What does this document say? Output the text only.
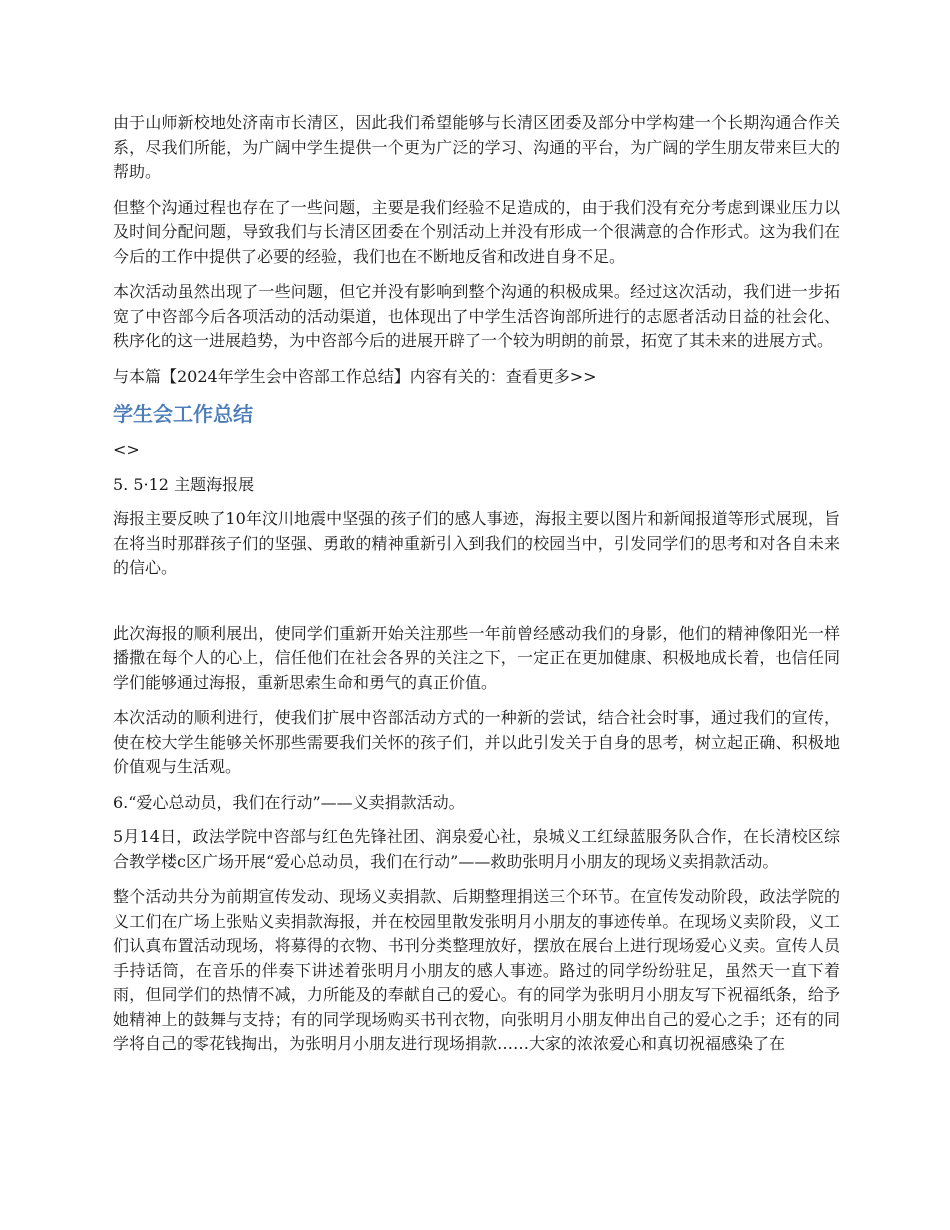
由于山师新校地处济南市长清区，因此我们希望能够与长清区团委及部分中学构建一个长期沟通合作关系，尽我们所能，为广阔中学生提供一个更为广泛的学习、沟通的平台，为广阔的学生朋友带来巨大的帮助。

但整个沟通过程也存在了一些问题，主要是我们经验不足造成的，由于我们没有充分考虑到课业压力以及时间分配问题，导致我们与长清区团委在个别活动上并没有形成一个很满意的合作形式。这为我们在今后的工作中提供了必要的经验，我们也在不断地反省和改进自身不足。

本次活动虽然出现了一些问题，但它并没有影响到整个沟通的积极成果。经过这次活动，我们进一步拓宽了中咨部今后各项活动的活动渠道，也体现出了中学生活咨询部所进行的志愿者活动日益的社会化、秩序化的这一进展趋势，为中咨部今后的进展开辟了一个较为明朗的前景，拓宽了其未来的进展方式。

与本篇【2024年学生会中咨部工作总结】内容有关的：查看更多>>

学生会工作总结

<>

5. 5·12 主题海报展

海报主要反映了10年汶川地震中坚强的孩子们的感人事迹，海报主要以图片和新闻报道等形式展现，旨在将当时那群孩子们的坚强、勇敢的精神重新引入到我们的校园当中，引发同学们的思考和对各自未来的信心。

此次海报的顺利展出，使同学们重新开始关注那些一年前曾经感动我们的身影，他们的精神像阳光一样播撒在每个人的心上，信任他们在社会各界的关注之下，一定正在更加健康、积极地成长着，也信任同学们能够通过海报，重新思索生命和勇气的真正价值。

本次活动的顺利进行，使我们扩展中咨部活动方式的一种新的尝试，结合社会时事，通过我们的宣传，使在校大学生能够关怀那些需要我们关怀的孩子们，并以此引发关于自身的思考，树立起正确、积极地价值观与生活观。

6.“爱心总动员，我们在行动”——义卖捐款活动。

5月14日，政法学院中咨部与红色先锋社团、润泉爱心社，泉城义工红绿蓝服务队合作，在长清校区综合教学楼c区广场开展“爱心总动员，我们在行动”——救助张明月小朋友的现场义卖捐款活动。

整个活动共分为前期宣传发动、现场义卖捐款、后期整理捐送三个环节。在宣传发动阶段，政法学院的义工们在广场上张贴义卖捐款海报，并在校园里散发张明月小朋友的事迹传单。在现场义卖阶段，义工们认真布置活动现场，将募得的衣物、书刊分类整理放好，摆放在展台上进行现场爱心义卖。宣传人员手持话筒，在音乐的伴奏下讲述着张明月小朋友的感人事迹。路过的同学纷纷驻足，虽然天一直下着雨，但同学们的热情不减，力所能及的奉献自己的爱心。有的同学为张明月小朋友写下祝福纸条，给予她精神上的鼓舞与支持；有的同学现场购买书刊衣物，向张明月小朋友伸出自己的爱心之手；还有的同学将自己的零花钱掏出，为张明月小朋友进行现场捐款……大家的浓浓爱心和真切祝福感染了在
